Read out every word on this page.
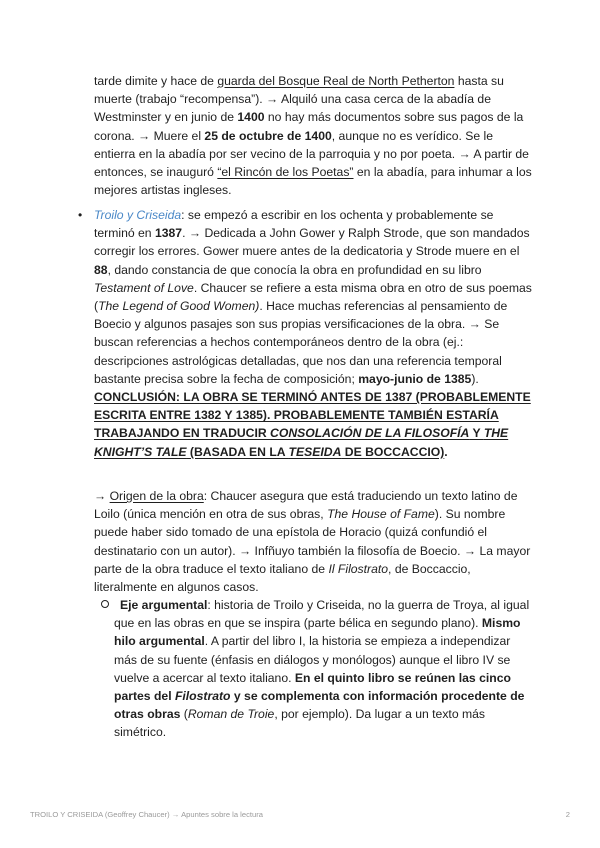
tarde dimite y hace de guarda del Bosque Real de North Petherton hasta su muerte (trabajo “recompensa”). → Alquiló una casa cerca de la abadía de Westminster y en junio de 1400 no hay más documentos sobre sus pagos de la corona. → Muere el 25 de octubre de 1400, aunque no es verídico. Se le entierra en la abadía por ser vecino de la parroquia y no por poeta. → A partir de entonces, se inauguró “el Rincón de los Poetas” en la abadía, para inhumar a los mejores artistas ingleses.

• Troilo y Criseida: se empezó a escribir en los ochenta y probablemente se terminó en 1387. → Dedicada a John Gower y Ralph Strode, que son mandados corregir los errores. Gower muere antes de la dedicatoria y Strode muere en el 88, dando constancia de que conocía la obra en profundidad en su libro Testament of Love. Chaucer se refiere a esta misma obra en otro de sus poemas (The Legend of Good Women). Hace muchas referencias al pensamiento de Boecio y algunos pasajes son sus propias versificaciones de la obra. → Se buscan referencias a hechos contemporáneos dentro de la obra (ej.: descripciones astrológicas detalladas, que nos dan una referencia temporal bastante precisa sobre la fecha de composición; mayo-junio de 1385). CONCLUSIÓN: LA OBRA SE TERMINÓ ANTES DE 1387 (PROBABLEMENTE ESCRITA ENTRE 1382 Y 1385). PROBABLEMENTE TAMBIÉN ESTARÍA TRABAJANDO EN TRADUCIR CONSOLACIÓN DE LA FILOSOFÍA Y THE KNIGHT’S TALE (BASADA EN LA TESEIDA DE BOCCACCIO).

→ Origen de la obra: Chaucer asegura que está traduciendo un texto latino de Loilo (única mención en otra de sus obras, The House of Fame). Su nombre puede haber sido tomado de una epístola de Horacio (quizá confundió el destinatario con un autor). → Infñuyo también la filosofía de Boecio. → La mayor parte de la obra traduce el texto italiano de Il Filostrato, de Boccaccio, literalmente en algunos casos.

Eje argumental: historia de Troilo y Criseida, no la guerra de Troya, al igual que en las obras en que se inspira (parte bélica en segundo plano). Mismo hilo argumental. A partir del libro I, la historia se empieza a independizar más de su fuente (énfasis en diálogos y monólogos) aunque el libro IV se vuelve a acercar al texto italiano. En el quinto libro se reúnen las cinco partes del Filostrato y se complementa con información procedente de otras obras (Roman de Troie, por ejemplo). Da lugar a un texto más simétrico.

TROILO Y CRISEIDA (Geoffrey Chaucer) → Apuntes sobre la lectura	2
